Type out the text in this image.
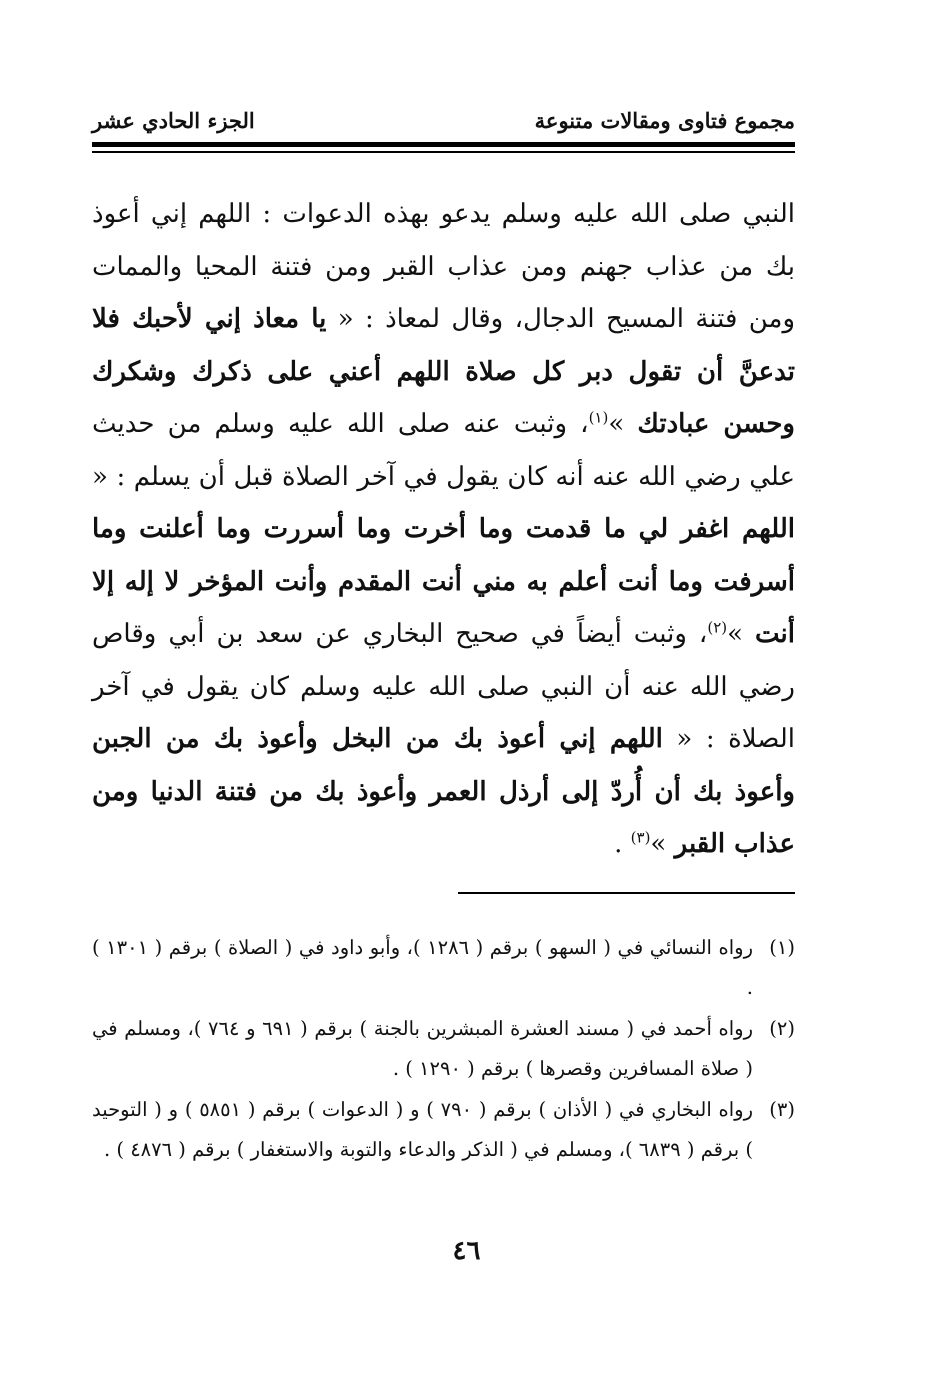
مجموع فتاوى ومقالات متنوعة
الجزء الحادي عشر
النبي صلى الله عليه وسلم يدعو بهذه الدعوات : اللهم إني أعوذ بك من عذاب جهنم ومن عذاب القبر ومن فتنة المحيا والممات ومن فتنة المسيح الدجال، وقال لمعاذ : « يا معاذ إني لأحبك فلا تدعنَّ أن تقول دبر كل صلاة اللهم أعني على ذكرك وشكرك وحسن عبادتك »$^{(١)}$، وثبت عنه صلى الله عليه وسلم من حديث علي رضي الله عنه أنه كان يقول في آخر الصلاة قبل أن يسلم : « اللهم اغفر لي ما قدمت وما أخرت وما أسررت وما أعلنت وما أسرفت وما أنت أعلم به مني أنت المقدم وأنت المؤخر لا إله إلا أنت »$^{(٢)}$، وثبت أيضاً في صحيح البخاري عن سعد بن أبي وقاص رضي الله عنه أن النبي صلى الله عليه وسلم كان يقول في آخر الصلاة : « اللهم إني أعوذ بك من البخل وأعوذ بك من الجبن وأعوذ بك أن أُردّ إلى أرذل العمر وأعوذ بك من فتنة الدنيا ومن عذاب القبر »$^{(٣)}$ .
(١)
رواه النسائي في ( السهو ) برقم ( ١٢٨٦ )، وأبو داود في ( الصلاة ) برقم ( ١٣٠١ ) .
(٢)
رواه أحمد في ( مسند العشرة المبشرين بالجنة ) برقم ( ٦٩١ و ٧٦٤ )، ومسلم في ( صلاة المسافرين وقصرها ) برقم ( ١٢٩٠ ) .
(٣)
رواه البخاري في ( الأذان ) برقم ( ٧٩٠ ) و ( الدعوات ) برقم ( ٥٨٥١ ) و ( التوحيد ) برقم ( ٦٨٣٩ )، ومسلم في ( الذكر والدعاء والتوبة والاستغفار ) برقم ( ٤٨٧٦ ) .
٤٦
